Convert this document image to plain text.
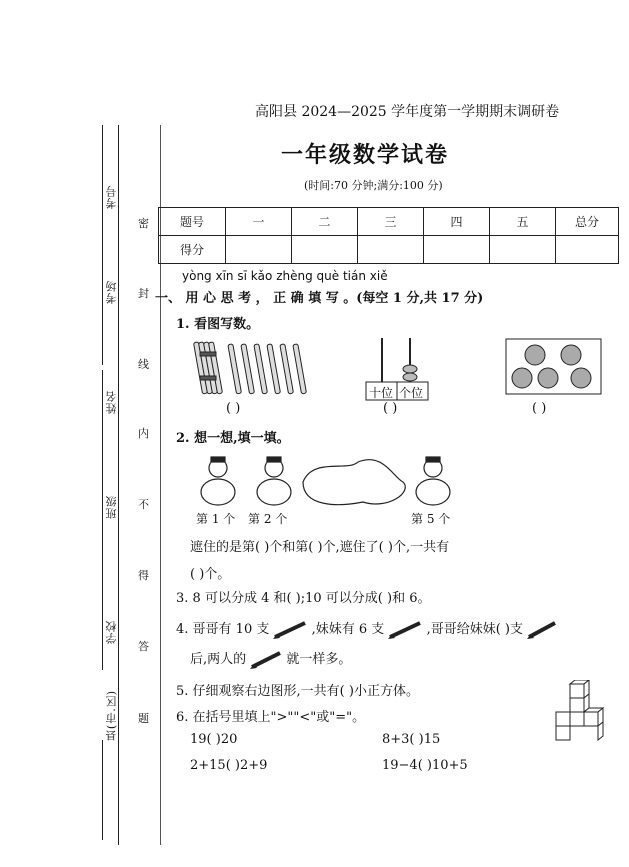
考号
考场
姓名
班级
学校
县(市.区)
密
封
线
内
不
得
答
题
高阳县 2024—2025 学年度第一学期期末调研卷
一年级数学试卷
(时间:70 分钟;满分:100 分)
题号	一	二	三	四	五	总分
得分						
yòng xīn sī kǎo zhèng què tián xiě
一、 用 心 思 考 ， 正 确 填 写 。(每空 1 分,共 17 分)
1. 看图写数。
( )
十位 个位
( )	( )
2. 想一想,填一填。
第 1 个 第 2 个	第 5 个
遮住的是第( )个和第( )个,遮住了( )个,一共有
( )个。
3. 8 可以分成 4 和( );10 可以分成( )和 6。
4. 哥哥有 10 支	,妹妹有 6 支	,哥哥给妹妹( )支
后,两人的	就一样多。
5. 仔细观察右边图形,一共有( )小正方体。
6. 在括号里填上">""<"或"="。
19( )20	8+3( )15
2+15( )2+9	19−4( )10+5
